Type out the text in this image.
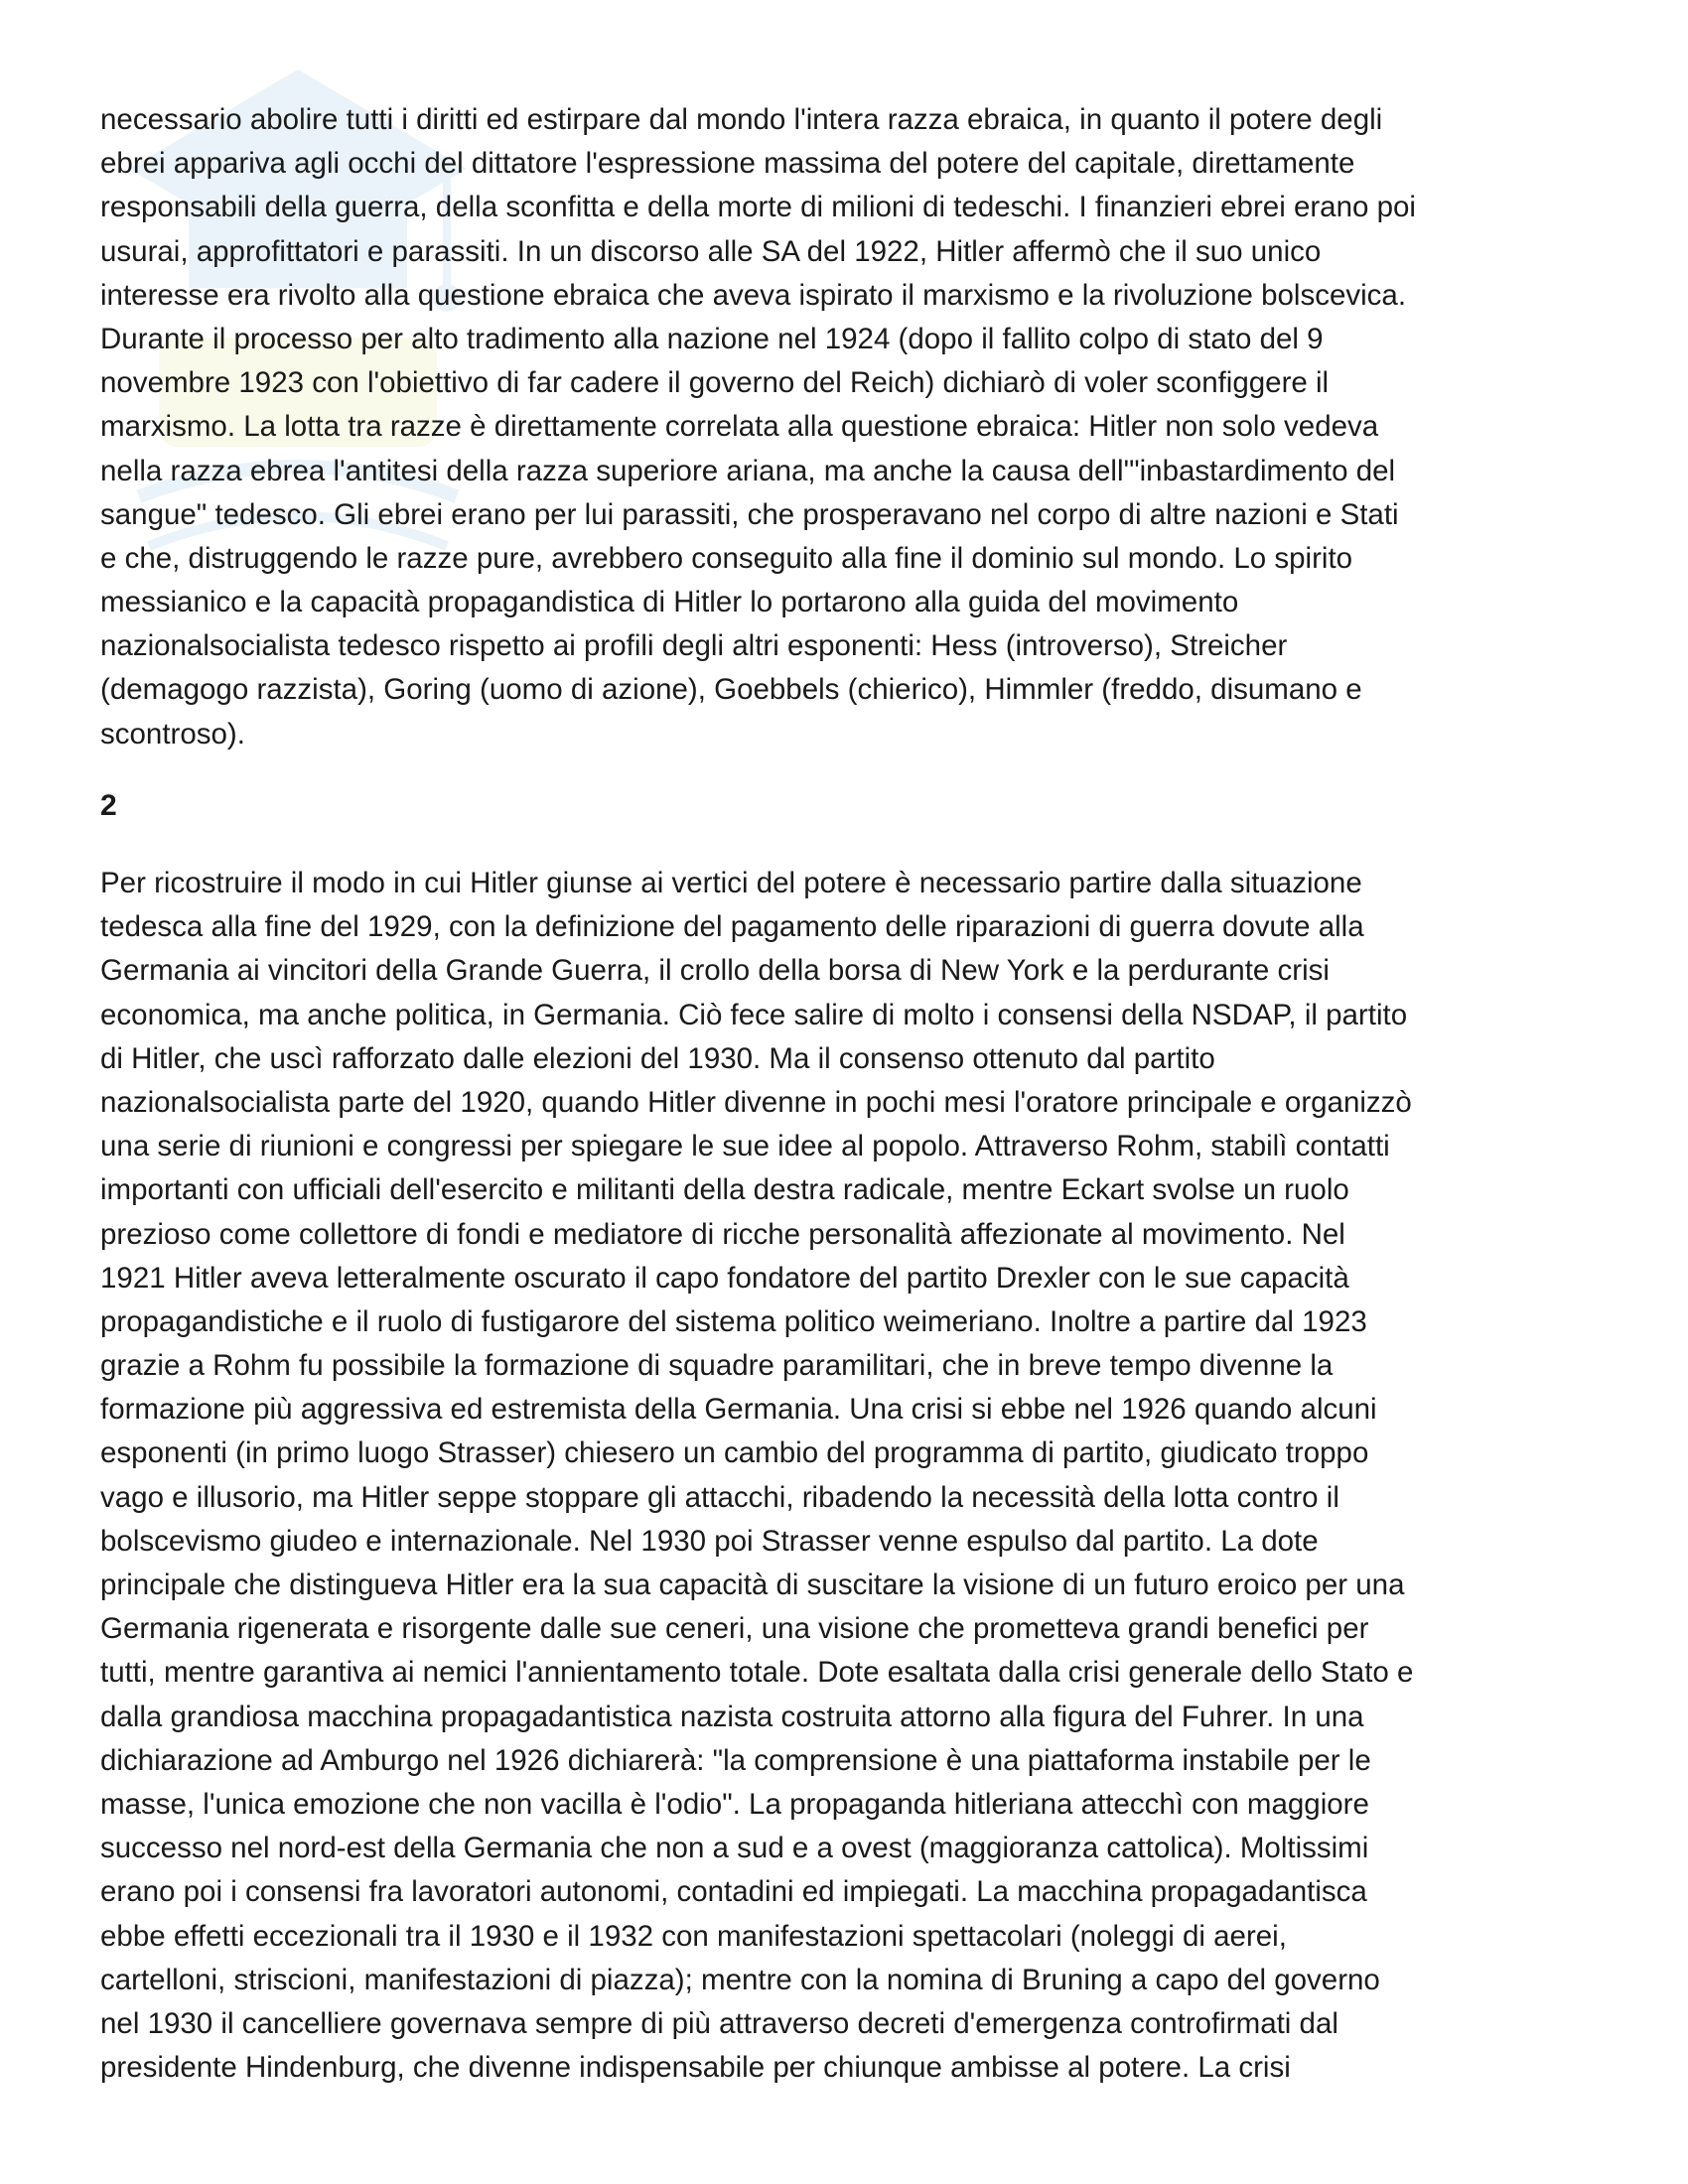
necessario abolire tutti i diritti ed estirpare dal mondo l'intera razza ebraica, in quanto il potere degli
ebrei appariva agli occhi del dittatore l'espressione massima del potere del capitale, direttamente
responsabili della guerra, della sconfitta e della morte di milioni di tedeschi. I finanzieri ebrei erano poi
usurai, approfittatori e parassiti. In un discorso alle SA del 1922, Hitler affermò che il suo unico
interesse era rivolto alla questione ebraica che aveva ispirato il marxismo e la rivoluzione bolscevica.
Durante il processo per alto tradimento alla nazione nel 1924 (dopo il fallito colpo di stato del 9
novembre 1923 con l'obiettivo di far cadere il governo del Reich) dichiarò di voler sconfiggere il
marxismo. La lotta tra razze è direttamente correlata alla questione ebraica: Hitler non solo vedeva
nella razza ebrea l'antitesi della razza superiore ariana, ma anche la causa dell'"inbastardimento del
sangue" tedesco. Gli ebrei erano per lui parassiti, che prosperavano nel corpo di altre nazioni e Stati
e che, distruggendo le razze pure, avrebbero conseguito alla fine il dominio sul mondo. Lo spirito
messianico e la capacità propagandistica di Hitler lo portarono alla guida del movimento
nazionalsocialista tedesco rispetto ai profili degli altri esponenti: Hess (introverso), Streicher
(demagogo razzista), Goring (uomo di azione), Goebbels (chierico), Himmler (freddo, disumano e
scontroso).

2

Per ricostruire il modo in cui Hitler giunse ai vertici del potere è necessario partire dalla situazione
tedesca alla fine del 1929, con la definizione del pagamento delle riparazioni di guerra dovute alla
Germania ai vincitori della Grande Guerra, il crollo della borsa di New York e la perdurante crisi
economica, ma anche politica, in Germania. Ciò fece salire di molto i consensi della NSDAP, il partito
di Hitler, che uscì rafforzato dalle elezioni del 1930. Ma il consenso ottenuto dal partito
nazionalsocialista parte del 1920, quando Hitler divenne in pochi mesi l'oratore principale e organizzò
una serie di riunioni e congressi per spiegare le sue idee al popolo. Attraverso Rohm, stabilì contatti
importanti con ufficiali dell'esercito e militanti della destra radicale, mentre Eckart svolse un ruolo
prezioso come collettore di fondi e mediatore di ricche personalità affezionate al movimento. Nel
1921 Hitler aveva letteralmente oscurato il capo fondatore del partito Drexler con le sue capacità
propagandistiche e il ruolo di fustigarore del sistema politico weimeriano. Inoltre a partire dal 1923
grazie a Rohm fu possibile la formazione di squadre paramilitari, che in breve tempo divenne la
formazione più aggressiva ed estremista della Germania. Una crisi si ebbe nel 1926 quando alcuni
esponenti (in primo luogo Strasser) chiesero un cambio del programma di partito, giudicato troppo
vago e illusorio, ma Hitler seppe stoppare gli attacchi, ribadendo la necessità della lotta contro il
bolscevismo giudeo e internazionale. Nel 1930 poi Strasser venne espulso dal partito. La dote
principale che distingueva Hitler era la sua capacità di suscitare la visione di un futuro eroico per una
Germania rigenerata e risorgente dalle sue ceneri, una visione che prometteva grandi benefici per
tutti, mentre garantiva ai nemici l'annientamento totale. Dote esaltata dalla crisi generale dello Stato e
dalla grandiosa macchina propagadantistica nazista costruita attorno alla figura del Fuhrer. In una
dichiarazione ad Amburgo nel 1926 dichiarerà: "la comprensione è una piattaforma instabile per le
masse, l'unica emozione che non vacilla è l'odio". La propaganda hitleriana attecchì con maggiore
successo nel nord-est della Germania che non a sud e a ovest (maggioranza cattolica). Moltissimi
erano poi i consensi fra lavoratori autonomi, contadini ed impiegati. La macchina propagadantisca
ebbe effetti eccezionali tra il 1930 e il 1932 con manifestazioni spettacolari (noleggi di aerei,
cartelloni, striscioni, manifestazioni di piazza); mentre con la nomina di Bruning a capo del governo
nel 1930 il cancelliere governava sempre di più attraverso decreti d'emergenza controfirmati dal
presidente Hindenburg, che divenne indispensabile per chiunque ambisse al potere. La crisi
